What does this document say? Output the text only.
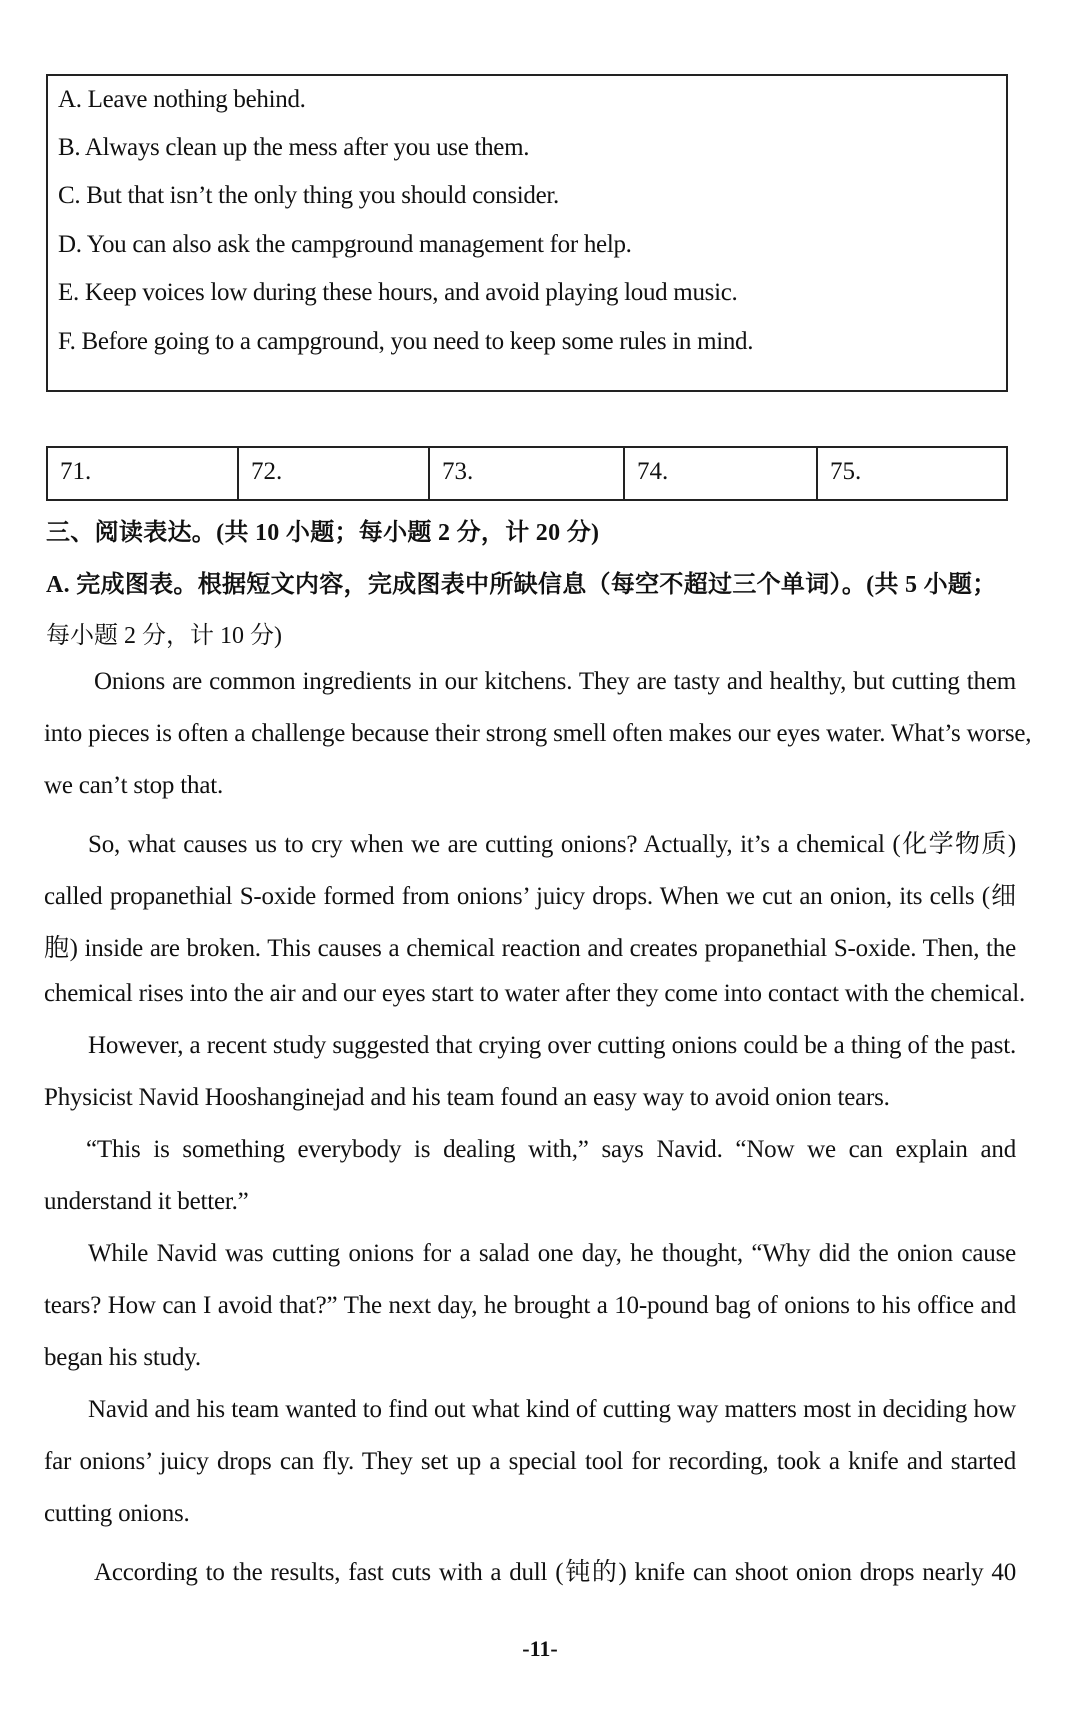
A. Leave nothing behind.
B. Always clean up the mess after you use them.
C. But that isn’t the only thing you should consider.
D. You can also ask the campground management for help.
E. Keep voices low during these hours, and avoid playing loud music.
F. Before going to a campground, you need to keep some rules in mind.
71.	72.	73.	74.	75.
三、阅读表达。(共 10 小题；每小题 2 分，计 20 分)
A. 完成图表。根据短文内容，完成图表中所缺信息（每空不超过三个单词）。(共 5 小题；
每小题 2 分，计 10 分)
Onions are common ingredients in our kitchens. They are tasty and healthy, but cutting them
into pieces is often a challenge because their strong smell often makes our eyes water. What’s worse,
we can’t stop that.
So, what causes us to cry when we are cutting onions? Actually, it’s a chemical (化学物质)
called propanethial S-oxide formed from onions’ juicy drops. When we cut an onion, its cells (细
胞) inside are broken. This causes a chemical reaction and creates propanethial S-oxide. Then, the
chemical rises into the air and our eyes start to water after they come into contact with the chemical.
However, a recent study suggested that crying over cutting onions could be a thing of the past.
Physicist Navid Hooshanginejad and his team found an easy way to avoid onion tears.
“This is something everybody is dealing with,” says Navid. “Now we can explain and
understand it better.”
While Navid was cutting onions for a salad one day, he thought, “Why did the onion cause
tears? How can I avoid that?” The next day, he brought a 10-pound bag of onions to his office and
began his study.
Navid and his team wanted to find out what kind of cutting way matters most in deciding how
far onions’ juicy drops can fly. They set up a special tool for recording, took a knife and started
cutting onions.
According to the results, fast cuts with a dull (钝的) knife can shoot onion drops nearly 40
-11-
